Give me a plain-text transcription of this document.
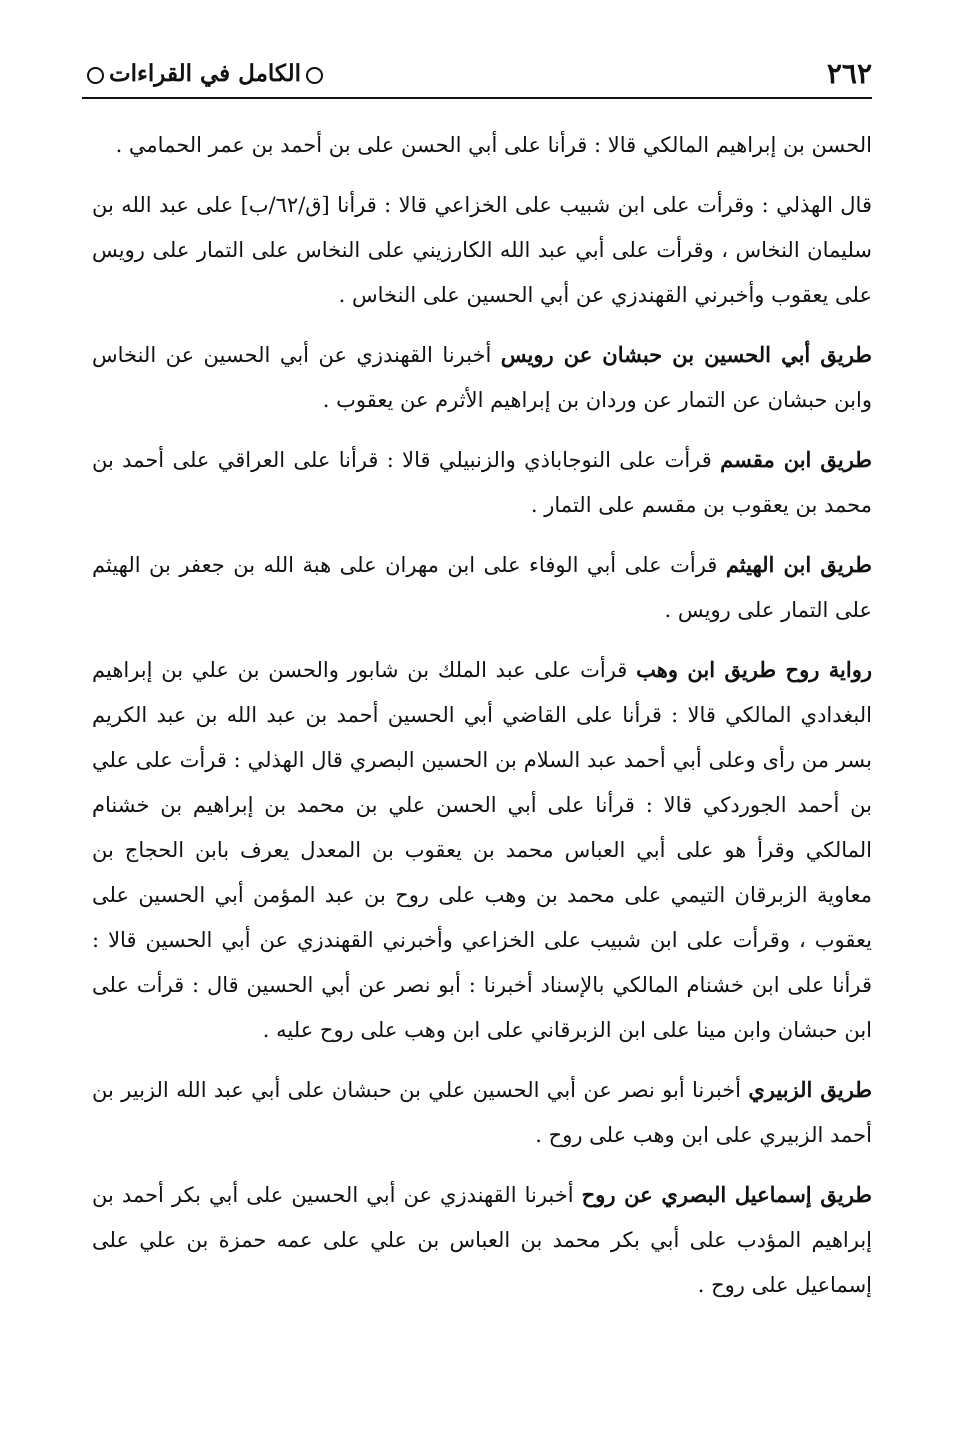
٢٦٢
الكامل في القراءات

الحسن بن إبراهيم المالكي قالا : قرأنا على أبي الحسن على بن أحمد بن عمر الحمامي .

قال الهذلي : وقرأت على ابن شبيب على الخزاعي قالا : قرأنا [ق/٦٢/ب] على عبد الله بن سليمان النخاس ، وقرأت على أبي عبد الله الكارزيني على النخاس على التمار على رويس على يعقوب وأخبرني القهندزي عن أبي الحسين على النخاس .

طريق أبي الحسين بن حبشان عن رويس أخبرنا القهندزي عن أبي الحسين عن النخاس وابن حبشان عن التمار عن وردان بن إبراهيم الأثرم عن يعقوب .

طريق ابن مقسم قرأت على النوجاباذي والزنبيلي قالا : قرأنا على العراقي على أحمد بن محمد بن يعقوب بن مقسم على التمار .

طريق ابن الهيثم قرأت على أبي الوفاء على ابن مهران على هبة الله بن جعفر بن الهيثم على التمار على رويس .

رواية روح طريق ابن وهب قرأت على عبد الملك بن شابور والحسن بن علي بن إبراهيم البغدادي المالكي قالا : قرأنا على القاضي أبي الحسين أحمد بن عبد الله بن عبد الكريم بسر من رأى وعلى أبي أحمد عبد السلام بن الحسين البصري قال الهذلي : قرأت على علي بن أحمد الجوردكي قالا : قرأنا على أبي الحسن علي بن محمد بن إبراهيم بن خشنام المالكي وقرأ هو على أبي العباس محمد بن يعقوب بن المعدل يعرف بابن الحجاج بن معاوية الزبرقان التيمي على محمد بن وهب على روح بن عبد المؤمن أبي الحسين على يعقوب ، وقرأت على ابن شبيب على الخزاعي وأخبرني القهندزي عن أبي الحسين قالا : قرأنا على ابن خشنام المالكي بالإسناد أخبرنا : أبو نصر عن أبي الحسين قال : قرأت على ابن حبشان وابن مينا على ابن الزبرقاني على ابن وهب على روح عليه .

طريق الزبيري أخبرنا أبو نصر عن أبي الحسين علي بن حبشان على أبي عبد الله الزبير بن أحمد الزبيري على ابن وهب على روح .

طريق إسماعيل البصري عن روح أخبرنا القهندزي عن أبي الحسين على أبي بكر أحمد بن إبراهيم المؤدب على أبي بكر محمد بن العباس بن علي على عمه حمزة بن علي على إسماعيل على روح .
